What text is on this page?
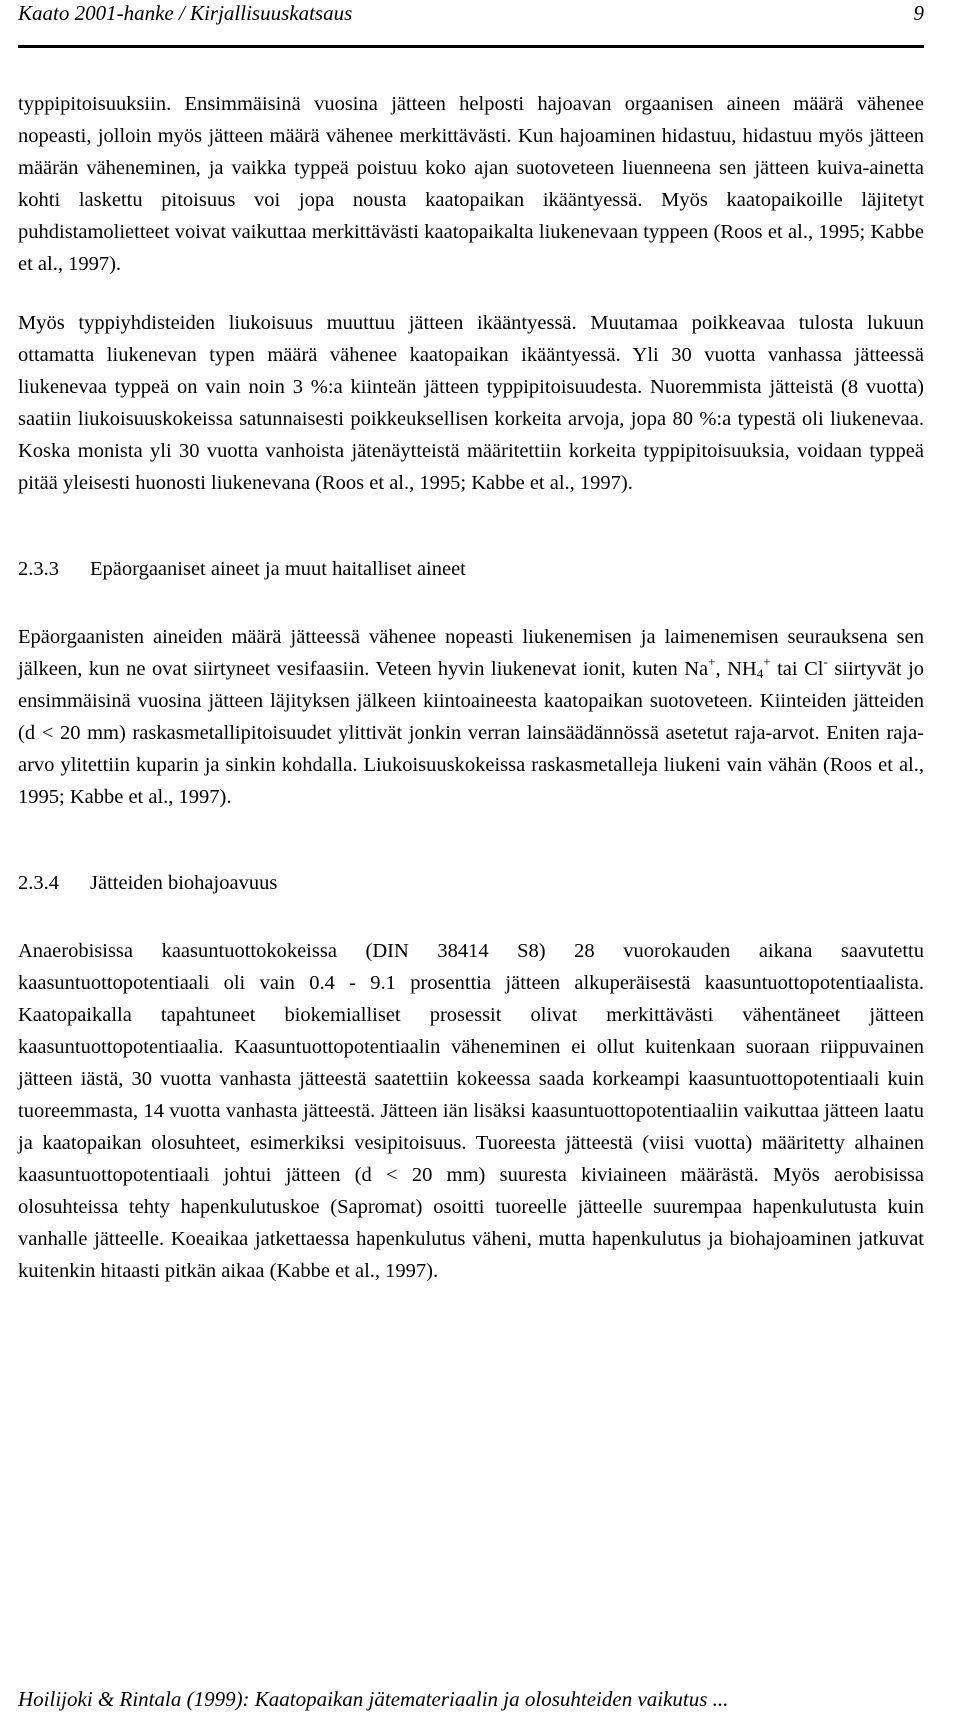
Kaato 2001-hanke / Kirjallisuuskatsaus	9

typpipitoisuuksiin. Ensimmäisinä vuosina jätteen helposti hajoavan orgaanisen aineen määrä vähenee nopeasti, jolloin myös jätteen määrä vähenee merkittävästi. Kun hajoaminen hidastuu, hidastuu myös jätteen määrän väheneminen, ja vaikka typpeä poistuu koko ajan suotoveteen liuenneena sen jätteen kuiva-ainetta kohti laskettu pitoisuus voi jopa nousta kaatopaikan ikääntyessä. Myös kaatopaikoille läjitetyt puhdistamolietteet voivat vaikuttaa merkittävästi kaatopaikalta liukenevaan typpeen (Roos et al., 1995; Kabbe et al., 1997).

Myös typpiyhdisteiden liukoisuus muuttuu jätteen ikääntyessä. Muutamaa poikkeavaa tulosta lukuun ottamatta liukenevan typen määrä vähenee kaatopaikan ikääntyessä. Yli 30 vuotta vanhassa jätteessä liukenevaa typpeä on vain noin 3 %:a kiinteän jätteen typpipitoisuudesta. Nuoremmista jätteistä (8 vuotta) saatiin liukoisuuskokeissa satunnaisesti poikkeuksellisen korkeita arvoja, jopa 80 %:a typestä oli liukenevaa. Koska monista yli 30 vuotta vanhoista jätenäytteistä määritettiin korkeita typpipitoisuuksia, voidaan typpeä pitää yleisesti huonosti liukenevana (Roos et al., 1995; Kabbe et al., 1997).

2.3.3 Epäorgaaniset aineet ja muut haitalliset aineet

Epäorgaanisten aineiden määrä jätteessä vähenee nopeasti liukenemisen ja laimenemisen seurauksena sen jälkeen, kun ne ovat siirtyneet vesifaasiin. Veteen hyvin liukenevat ionit, kuten Na+, $NH_4^+$ tai Cl- siirtyvät jo ensimmäisinä vuosina jätteen läjityksen jälkeen kiintoaineesta kaatopaikan suotoveteen. Kiinteiden jätteiden (d < 20 mm) raskasmetallipitoisuudet ylittivät jonkin verran lainsäädännössä asetetut raja-arvot. Eniten raja-arvo ylitettiin kuparin ja sinkin kohdalla. Liukoisuuskokeissa raskasmetalleja liukeni vain vähän (Roos et al., 1995; Kabbe et al., 1997).

2.3.4 Jätteiden biohajoavuus

Anaerobisissa kaasuntuottokokeissa (DIN 38414 S8) 28 vuorokauden aikana saavutettu kaasuntuottopotentiaali oli vain 0.4 - 9.1 prosenttia jätteen alkuperäisestä kaasuntuottopotentiaalista. Kaatopaikalla tapahtuneet biokemialliset prosessit olivat merkittävästi vähentäneet jätteen kaasuntuottopotentiaalia. Kaasuntuottopotentiaalin väheneminen ei ollut kuitenkaan suoraan riippuvainen jätteen iästä, 30 vuotta vanhasta jätteestä saatettiin kokeessa saada korkeampi kaasuntuottopotentiaali kuin tuoreemmasta, 14 vuotta vanhasta jätteestä. Jätteen iän lisäksi kaasuntuottopotentiaaliin vaikuttaa jätteen laatu ja kaatopaikan olosuhteet, esimerkiksi vesipitoisuus. Tuoreesta jätteestä (viisi vuotta) määritetty alhainen kaasuntuottopotentiaali johtui jätteen (d < 20 mm) suuresta kiviaineen määrästä. Myös aerobisissa olosuhteissa tehty hapenkulutuskoe (Sapromat) osoitti tuoreelle jätteelle suurempaa hapenkulutusta kuin vanhalle jätteelle. Koeaikaa jatkettaessa hapenkulutus väheni, mutta hapenkulutus ja biohajoaminen jatkuvat kuitenkin hitaasti pitkän aikaa (Kabbe et al., 1997).

Hoilijoki & Rintala (1999): Kaatopaikan jätemateriaalin ja olosuhteiden vaikutus ...
